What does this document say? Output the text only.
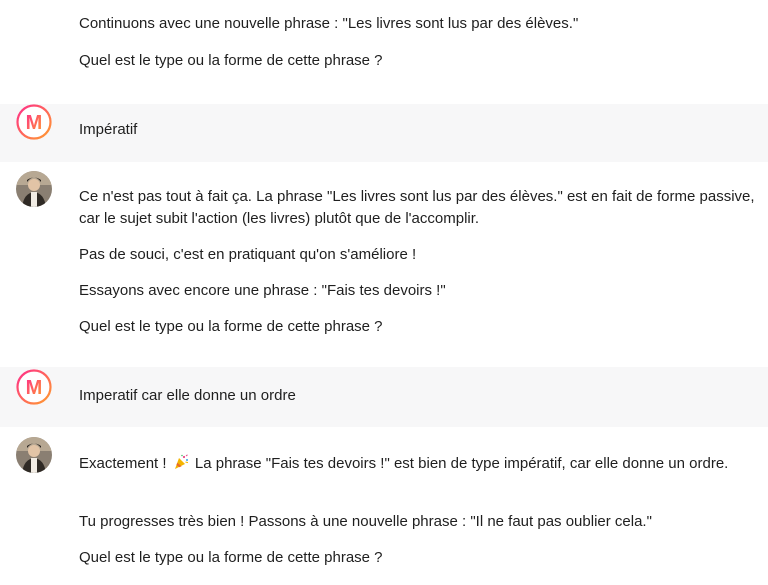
Continuons avec une nouvelle phrase : "Les livres sont lus par des élèves."

Quel est le type ou la forme de cette phrase ?

M Impératif

Ce n'est pas tout à fait ça. La phrase "Les livres sont lus par des élèves." est en fait de forme passive, car le sujet subit l'action (les livres) plutôt que de l'accomplir.

Pas de souci, c'est en pratiquant qu'on s'améliore !

Essayons avec encore une phrase : "Fais tes devoirs !"

Quel est le type ou la forme de cette phrase ?

M Imperatif car elle donne un ordre

Exactement ! La phrase "Fais tes devoirs !" est bien de type impératif, car elle donne un ordre.

Tu progresses très bien ! Passons à une nouvelle phrase : "Il ne faut pas oublier cela."

Quel est le type ou la forme de cette phrase ?
